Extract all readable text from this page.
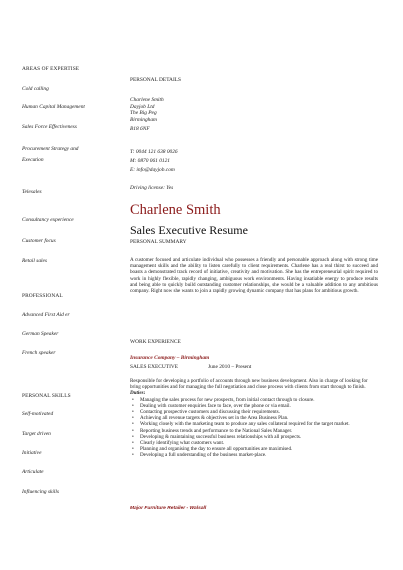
AREAS OF EXPERTISE
Cold calling
Human Capital Management
Sales Force Effectiveness
Procurement Strategy and
Execution
Telesales
Consultancy experience
Customer focus
Retail sales
PROFESSIONAL
Advanced First Aid er
German Speaker
French speaker
PERSONAL SKILLS
Self-motivated
Target driven
Initiative
Articulate
Influencing skills
PERSONAL DETAILS
Charlene Smith
Dayjob Ltd
The Big Peg
Birmingham
B18 6NF
T: 0044 121 638 0026
M: 0870 061 0121
E: info@dayjob.com
Driving license: Yes
Charlene Smith
Sales Executive Resume
PERSONAL SUMMARY
A customer focused and articulate individual who possesses a friendly and personable approach along with strong time management skills and the ability to listen carefully to client requirements. Charlene has a real thirst to succeed and boasts a demonstrated track record of initiative, creativity and motivation. She has the entrepreneurial spirit required to work in highly flexible, rapidly changing, ambiguous work environments. Having insatiable energy to produce results and being able to quickly build outstanding customer relationships, she would be a valuable addition to any ambitious company. Right now she wants to join a rapidly growing dynamic company that has plans for ambitious growth.
WORK EXPERIENCE
Insurance Company – Birmingham
SALES EXECUTIVE	June 2010 – Present
Responsible for developing a portfolio of accounts through new business development. Also in charge of looking for bring opportunities and for managing the full negotiation and close process with clients from start through to finish. Duties:
• Managing the sales process for new prospects, from initial contact through to closure.
• Dealing with customer enquiries face to face, over the phone or via email.
• Contacting prospective customers and discussing their requirements.
• Achieving all revenue targets & objectives set in the Area Business Plan.
• Working closely with the marketing team to produce any sales collateral required for the target market.
• Reporting business trends and performance to the National Sales Manager.
• Developing & maintaining successful business relationships with all prospects.
• Clearly identifying what customers want.
• Planning and organising the day to ensure all opportunities are maximised.
• Developing a full understanding of the business market-place.
Major Furniture Retailer - Walsall
